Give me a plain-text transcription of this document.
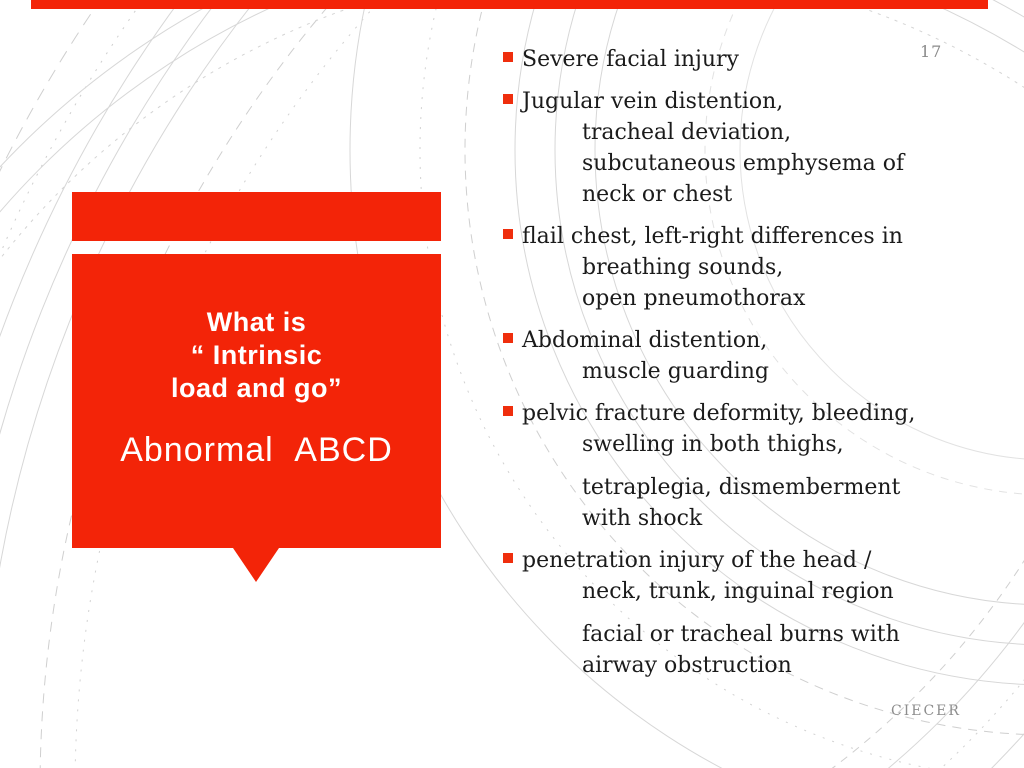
17
What is
“ Intrinsic
load and go”
Abnormal ABCD
Severe facial injury
Jugular vein distention,
tracheal deviation,
subcutaneous emphysema of
neck or chest
flail chest, left-right differences in
breathing sounds,
open pneumothorax
Abdominal distention,
muscle guarding
pelvic fracture deformity, bleeding,
swelling in both thighs,
tetraplegia, dismemberment
with shock
penetration injury of the head /
neck, trunk, inguinal region
facial or tracheal burns with
airway obstruction
CIECER
